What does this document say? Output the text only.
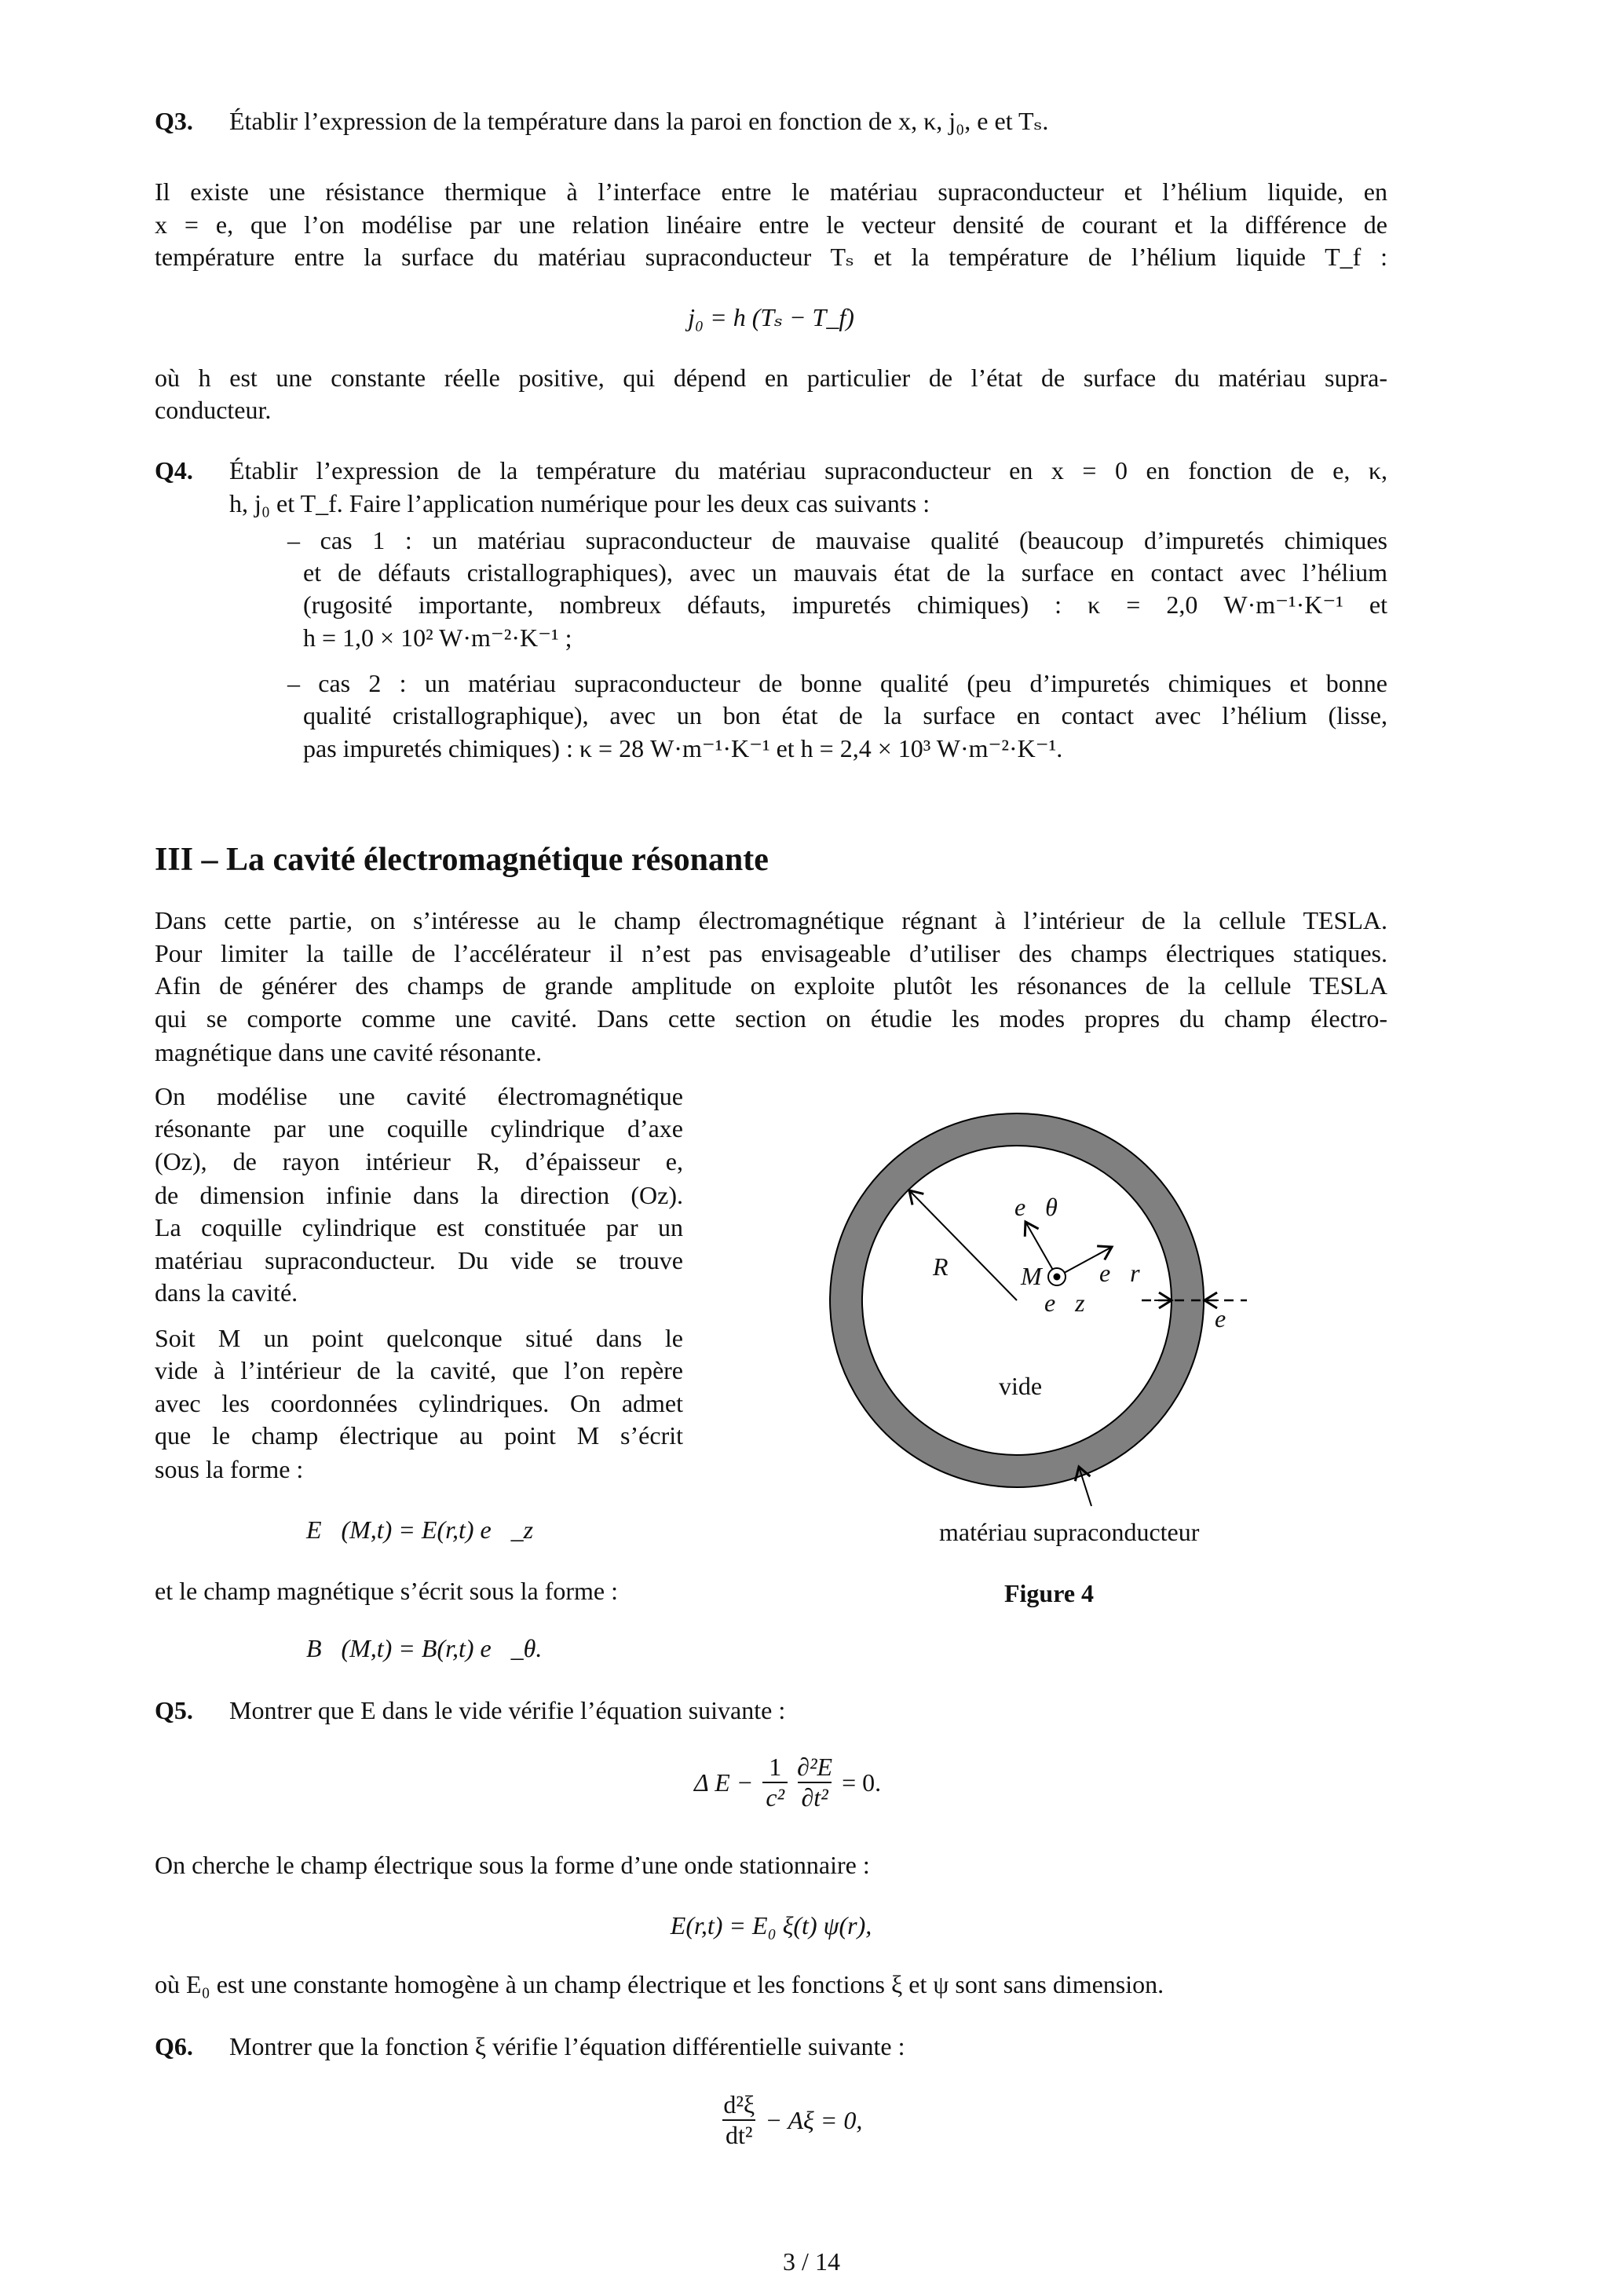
Q3. Établir l’expression de la température dans la paroi en fonction de x, κ, j₀, e et Tₛ.
Il existe une résistance thermique à l’interface entre le matériau supraconducteur et l’hélium liquide, en
x = e, que l’on modélise par une relation linéaire entre le vecteur densité de courant et la différence de
température entre la surface du matériau supraconducteur Tₛ et la température de l’hélium liquide T_f :
j₀ = h (Tₛ − T_f)
où h est une constante réelle positive, qui dépend en particulier de l’état de surface du matériau supra-
conducteur.
Q4. Établir l’expression de la température du matériau supraconducteur en x = 0 en fonction de e, κ,
h, j₀ et T_f. Faire l’application numérique pour les deux cas suivants :
– cas 1 : un matériau supraconducteur de mauvaise qualité (beaucoup d’impuretés chimiques
et de défauts cristallographiques), avec un mauvais état de la surface en contact avec l’hélium
(rugosité importante, nombreux défauts, impuretés chimiques) : κ = 2,0 W·m⁻¹·K⁻¹ et
h = 1,0 × 10² W·m⁻²·K⁻¹ ;
– cas 2 : un matériau supraconducteur de bonne qualité (peu d’impuretés chimiques et bonne
qualité cristallographique), avec un bon état de la surface en contact avec l’hélium (lisse,
pas impuretés chimiques) : κ = 28 W·m⁻¹·K⁻¹ et h = 2,4 × 10³ W·m⁻²·K⁻¹.
III – La cavité électromagnétique résonante
Dans cette partie, on s’intéresse au le champ électromagnétique régnant à l’intérieur de la cellule TESLA.
Pour limiter la taille de l’accélérateur il n’est pas envisageable d’utiliser des champs électriques statiques.
Afin de générer des champs de grande amplitude on exploite plutôt les résonances de la cellule TESLA
qui se comporte comme une cavité. Dans cette section on étudie les modes propres du champ électro-
magnétique dans une cavité résonante.
On modélise une cavité électromagnétique
résonante par une coquille cylindrique d’axe
(Oz), de rayon intérieur R, d’épaisseur e,
de dimension infinie dans la direction (Oz).
La coquille cylindrique est constituée par un
matériau supraconducteur. Du vide se trouve
dans la cavité.
Soit M un point quelconque situé dans le
vide à l’intérieur de la cavité, que l’on repère
avec les coordonnées cylindriques. On admet
que le champ électrique au point M s’écrit
sous la forme :
E⃗(M,t) = E(r,t) e⃗_z
et le champ magnétique s’écrit sous la forme :
B⃗(M,t) = B(r,t) e⃗_θ.
R	M
e⃗θ
e⃗r
e⃗z
e
vide
matériau supraconducteur
Figure 4
Q5. Montrer que E dans le vide vérifie l’équation suivante :
Δ $E - \frac{1}{\text{c²}} \frac{\text{∂²E}}{\text{∂t²}} = 0$.
On cherche le champ électrique sous la forme d’une onde stationnaire :
E(r,t) = E₀ ξ(t) ψ(r),
où E₀ est une constante homogène à un champ électrique et les fonctions ξ et ψ sont sans dimension.
Q6. Montrer que la fonction ξ vérifie l’équation différentielle suivante :
$\frac{\text{d²ξ}}{\text{dt²}} - A\xi = 0$,
3 / 14
